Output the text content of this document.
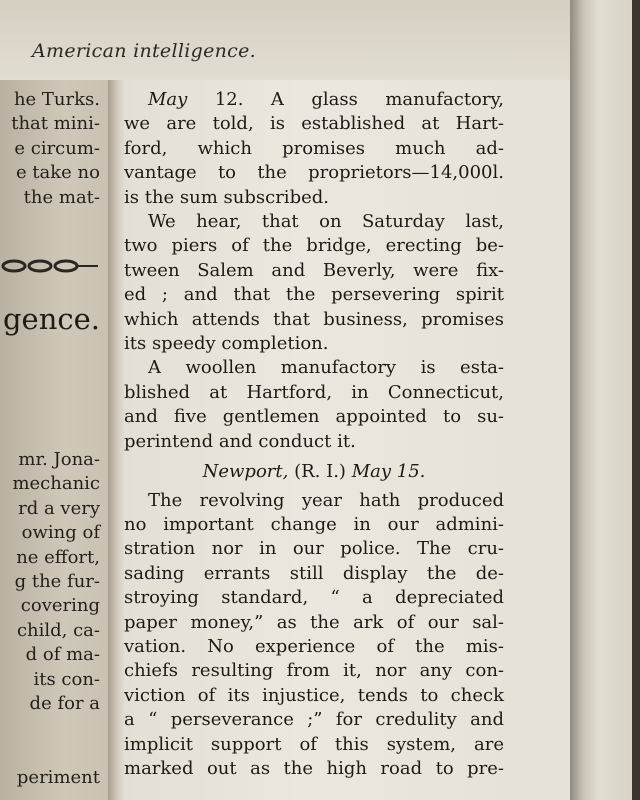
American intelligence.

he Turks.
that mini-
e circum-
e take no
the mat-
gence.
mr. Jona-
mechanic
rd a very
owing of
ne effort,
g the fur-
covering
child, ca-
d of ma-
its con-
de for a
periment
May 12. A glass manufactory,
we are told, is established at Hart-
ford, which promises much ad-
vantage to the proprietors—14,000l.
is the sum subscribed.
We hear, that on Saturday last,
two piers of the bridge, erecting be-
tween Salem and Beverly, were fix-
ed ; and that the persevering spirit
which attends that business, promises
its speedy completion.
A woollen manufactory is esta-
blished at Hartford, in Connecticut,
and five gentlemen appointed to su-
perintend and conduct it.
Newport, (R. I.) May 15.
The revolving year hath produced
no important change in our admini-
stration nor in our police. The cru-
sading errants still display the de-
stroying standard, “ a depreciated
paper money,” as the ark of our sal-
vation. No experience of the mis-
chiefs resulting from it, nor any con-
viction of its injustice, tends to check
a “ perseverance ;” for credulity and
implicit support of this system, are
marked out as the high road to pre-
